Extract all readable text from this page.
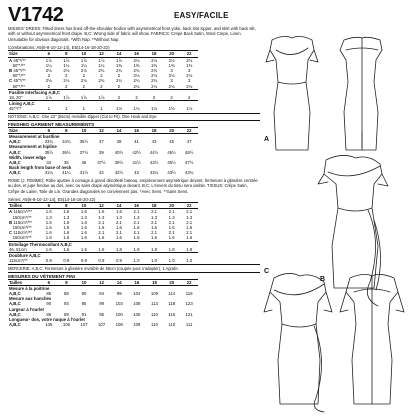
V1742	EASY/FACILE

MISSES' DRESS: Fitted dress has lined off-the-shoulder bodice with asymmetrical front yoke, back slot zipper, and skirt with back slit, with or without asymmetrical front drape. B,C: Wrong side of fabric will show. FABRICS: Crepe Back Satin, Wool Crepe, Linen. Unsuitable for obvious diagonals. *With Nap. **Without Nap.

Combinations: A5(6-8-10-12-14), E5(14-16-18-20-22)

Size	6	8	10	12	14	16	18	20	22
A 45"*/**	1⅞	1⅞	1⅞	1⅞	1⅞	2⅛	2⅛	2⅛	2⅛
60"*/**	1¼	1¼	1¼	1¼	1⅜	1⅜	1⅜	1⅜	1⅜
B 45"*/**	2⅛	2⅛	2⅛	2¾	2¾	2¾	2¾	3	3
60"*/**	2	2	2	2	2	2⅛	2⅛	2⅛	2⅛
C 45"*/**	2⅛	2⅛	2⅛	2¾	2¾	2¾	2¾	3	3
60"*/**	2	2	2	2	2	2⅛	2⅛	2⅛	2⅛
Fusible Interfacing A,B,C									
18, 20"	1⅞	1⅞	1⅞	1⅞	2	2	2	2	2
Lining A,B,C									
45"*/**	1	1	1	1	1⅛	1⅛	1⅛	1⅛	1⅛

NOTIONS: A,B,C: One 22" (55cm) Invisible Zipper (Cut to Fit), One Hook and Eye.

FINISHED GARMENT MEASUREMENTS

Size	6	8	10	12	14	16	18	20	22
Measurement at bustline									
A,B,C	33¾	34¾	35½	37	39	41	43	45	47
Measurement at hipline									
A,B,C	35½	36½	37½	39	40½	42½	44½	46½	48½
Width, lower edge									
A,B,C	34	35	36	37½	39½	41½	43½	45½	47½
Back length from base of neck									
A,B,C	41⅛	41¼	41½	42	42½	43	43¼	43½	43¾

ROBE (J. FEMME): Robe ajustée à corsage à grand décolleté bateau, empiècement asymétrique devant, fermeture à glissière centrée au dos, et jupe fendue au dos, avec ou sans drapé asymétrique devant. B,C: L'envers du tissu sera visible. TISSUS: Crêpe Satin, Crêpe de Laine, Toile de Lin. Grandes diagonales ne conviennent pas. *Avec Sens. **Sans Sens.

Séries: A5(6-8-10-12-14), E5(14-16-18-20-22)

Tailles	6	8	10	12	14	16	18	20	22
A 115cm*/**	1.6	1.6	1.6	1.6	1.6	2.1	2.1	2.1	2.1
150cm*/**	1.3	1.3	1.3	1.3	1.3	1.3	1.3	1.3	1.3
B 115cm*/**	1.6	1.6	1.6	2.1	2.1	2.1	2.1	2.1	2.1
150cm*/**	1.6	1.6	1.6	1.6	1.6	1.6	1.6	1.6	1.6
C 115cm*/**	1.6	1.6	1.6	2.1	2.1	2.1	2.1	2.1	2.1
150cm*/**	1.6	1.6	1.6	1.6	1.6	1.6	1.6	1.6	1.6
Entoilage Thermocollant A,B,C									
46, 51cm	1.6	1.6	1.6	1.6	1.8	1.8	1.8	1.8	1.8
Doublure A,B,C									
115cm*/**	0.9	0.9	0.9	0.9	0.9	1.0	1.0	1.0	1.0

MERCERIE: A,B,C: Fermeture à glissière invisible de 55cm (coupée pour s'adapter), 1 Agrafe.

MESURES DU VÊTEMENT FINI

Tailles	6	8	10	12	14	16	18	20	22
Mesure à la poitrine									
A,B,C	86	88	90	94	99	104	109	114	119
Mesure aux hanches									
A,B,C	90	93	95	99	103	108	113	118	123
Largeur à l'ourlet									
A,B,C	86	89	91	95	100	105	110	116	121
Longueur- dos, votre nuque à l'ourlet									
A,B,C	105	106	107	107	108	109	110	110	111
A
B
C
